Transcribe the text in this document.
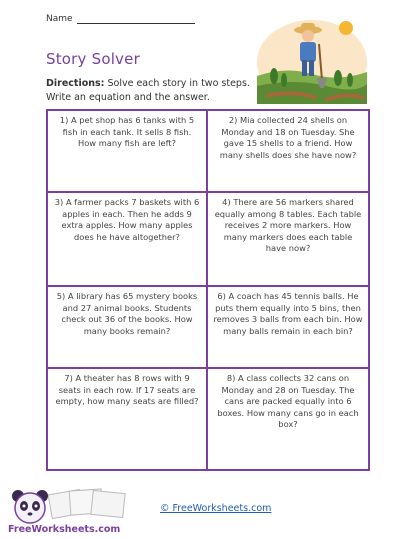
Name
Story Solver
Directions: Solve each story in two steps. Write an equation and the answer.
1) A pet shop has 6 tanks with 5 fish in each tank. It sells 8 fish. How many fish are left?
2) Mia collected 24 shells on Monday and 18 on Tuesday. She gave 15 shells to a friend. How many shells does she have now?
3) A farmer packs 7 baskets with 6 apples in each. Then he adds 9 extra apples. How many apples does he have altogether?
4) There are 56 markers shared equally among 8 tables. Each table receives 2 more markers. How many markers does each table have now?
5) A library has 65 mystery books and 27 animal books. Students check out 36 of the books. How many books remain?
6) A coach has 45 tennis balls. He puts them equally into 5 bins, then removes 3 balls from each bin. How many balls remain in each bin?
7) A theater has 8 rows with 9 seats in each row. If 17 seats are empty, how many seats are filled?
8) A class collects 32 cans on Monday and 28 on Tuesday. The cans are packed equally into 6 boxes. How many cans go in each box?
FreeWorksheets.com
© FreeWorksheets.com
